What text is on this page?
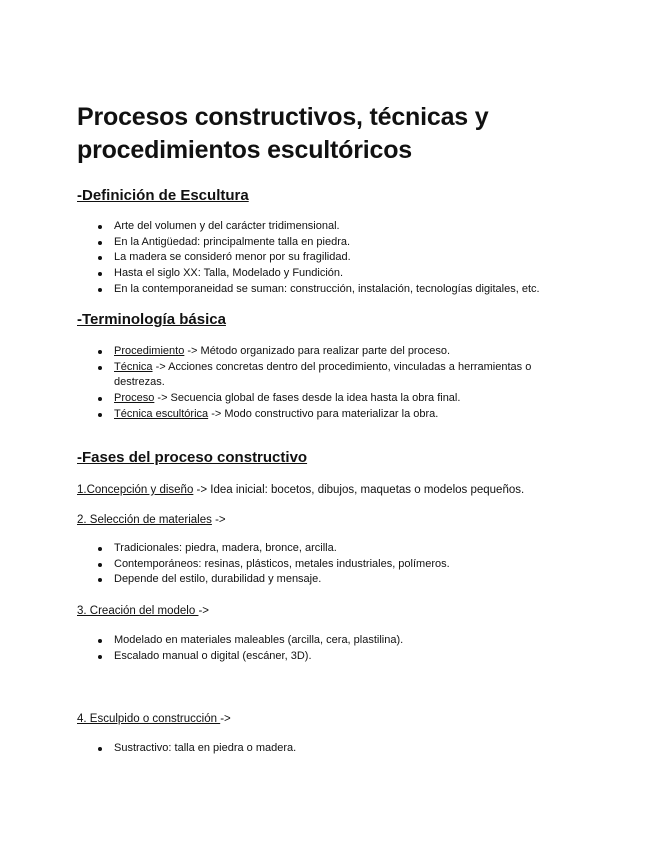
Procesos constructivos, técnicas y procedimientos escultóricos
-Definición de Escultura
Arte del volumen y del carácter tridimensional.
En la Antigüedad: principalmente talla en piedra.
La madera se consideró menor por su fragilidad.
Hasta el siglo XX: Talla, Modelado y Fundición.
En la contemporaneidad se suman: construcción, instalación, tecnologías digitales, etc.
-Terminología básica
Procedimiento -> Método organizado para realizar parte del proceso.
Técnica -> Acciones concretas dentro del procedimiento, vinculadas a herramientas o destrezas.
Proceso -> Secuencia global de fases desde la idea hasta la obra final.
Técnica escultórica -> Modo constructivo para materializar la obra.
-Fases del proceso constructivo

1.Concepción y diseño -> Idea inicial: bocetos, dibujos, maquetas o modelos pequeños.

2. Selección de materiales ->

Tradicionales: piedra, madera, bronce, arcilla.
Contemporáneos: resinas, plásticos, metales industriales, polímeros.
Depende del estilo, durabilidad y mensaje.

3. Creación del modelo ->

Modelado en materiales maleables (arcilla, cera, plastilina).
Escalado manual o digital (escáner, 3D).

4. Esculpido o construcción ->

Sustractivo: talla en piedra o madera.
